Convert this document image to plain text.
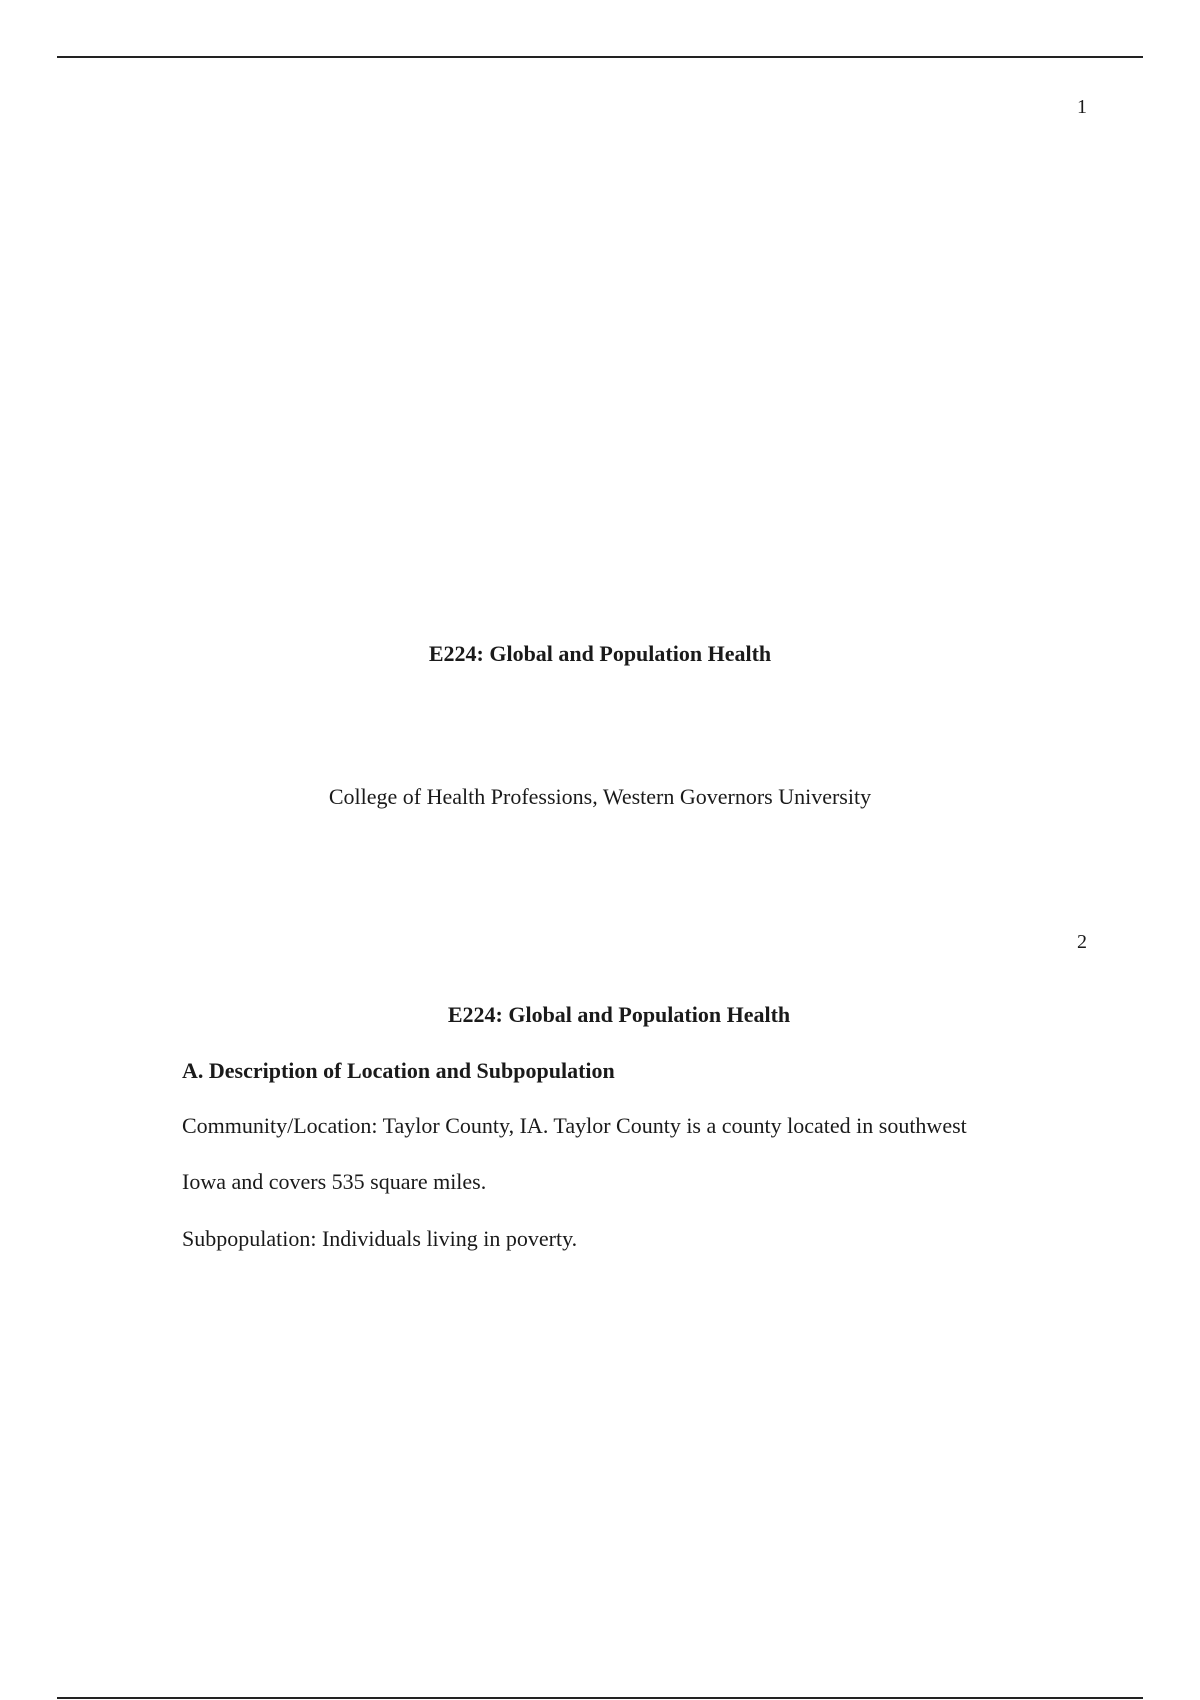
1
E224: Global and Population Health

College of Health Professions, Western Governors University

2
E224: Global and Population Health
A. Description of Location and Subpopulation

Community/Location: Taylor County, IA. Taylor County is a county located in southwest

Iowa and covers 535 square miles.

Subpopulation: Individuals living in poverty.
